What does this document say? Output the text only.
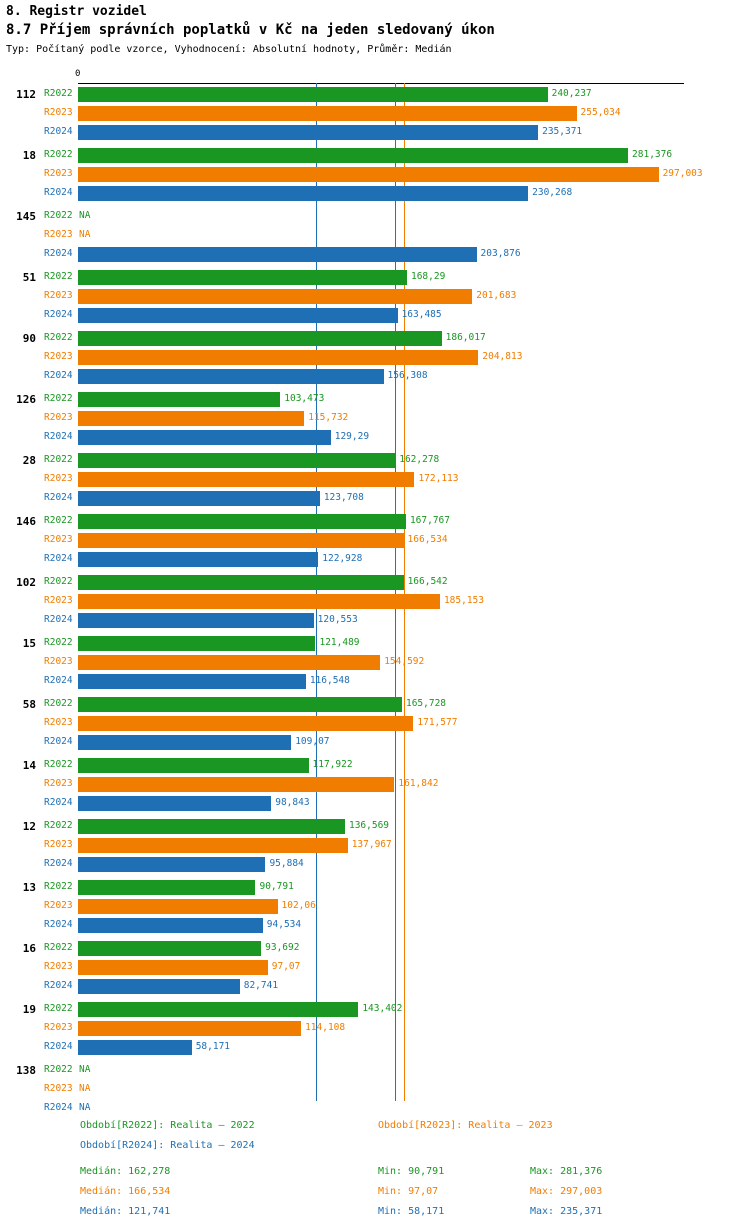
8. Registr vozidel
8.7 Příjem správních poplatků v Kč na jeden sledovaný úkon
Typ: Počítaný podle vzorce, Vyhodnocení: Absolutní hodnoty, Průměr: Medián
0
112 R2022	240,237
R2023	255,034
R2024	235,371
18 R2022	281,376
R2023	297,003
R2024	230,268
145 R2022 NA
R2023 NA
R2024	203,876
51 R2022	168,29
R2023	201,683
R2024	163,485
90 R2022	186,017
R2023	204,813
R2024	156,308
126 R2022	103,473
R2023	115,732
R2024	129,29
28 R2022	162,278
R2023	172,113
R2024	123,708
146 R2022	167,767
R2023	166,534
R2024	122,928
102 R2022	166,542
R2023	185,153
R2024	120,553
15 R2022	121,489
R2023	154,592
R2024	116,548
58 R2022	165,728
R2023	171,577
R2024	109,07
14 R2022	117,922
R2023	161,842
R2024	98,843
12 R2022	136,569
R2023	137,967
R2024	95,884
13 R2022	90,791
R2023	102,06
R2024	94,534
16 R2022	93,692
R2023	97,07
R2024	82,741
19 R2022	143,402
R2023	114,108
R2024	58,171
138 R2022 NA
R2023 NA
R2024 NA
Období[R2022]: Realita – 2022	Období[R2023]: Realita – 2023
Období[R2024]: Realita – 2024
Medián: 162,278	Min: 90,791	Max: 281,376
Medián: 166,534	Min: 97,07	Max: 297,003
Medián: 121,741	Min: 58,171	Max: 235,371
